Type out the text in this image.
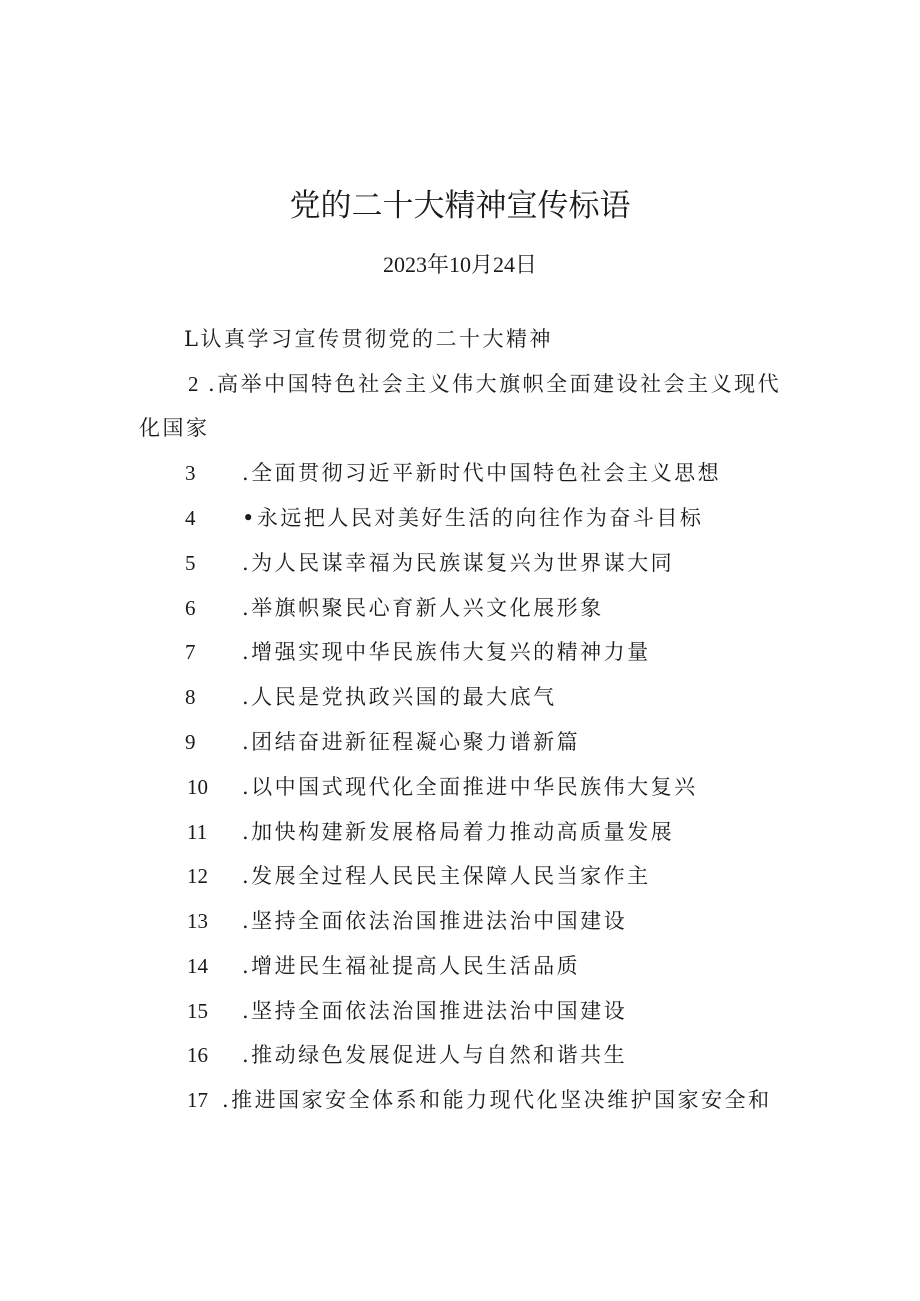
党的二十大精神宣传标语
2023年10月24日
L认真学习宣传贯彻党的二十大精神
2 .高举中国特色社会主义伟大旗帜全面建设社会主义现代
化国家
3 .全面贯彻习近平新时代中国特色社会主义思想
4 •永远把人民对美好生活的向往作为奋斗目标
5 .为人民谋幸福为民族谋复兴为世界谋大同
6 .举旗帜聚民心育新人兴文化展形象
7 .增强实现中华民族伟大复兴的精神力量
8 .人民是党执政兴国的最大底气
9 .团结奋进新征程凝心聚力谱新篇
10 .以中国式现代化全面推进中华民族伟大复兴
11 .加快构建新发展格局着力推动高质量发展
12 .发展全过程人民民主保障人民当家作主
13 .坚持全面依法治国推进法治中国建设
14 .增进民生福祉提高人民生活品质
15 .坚持全面依法治国推进法治中国建设
16 .推动绿色发展促进人与自然和谐共生
17 .推进国家安全体系和能力现代化坚决维护国家安全和
